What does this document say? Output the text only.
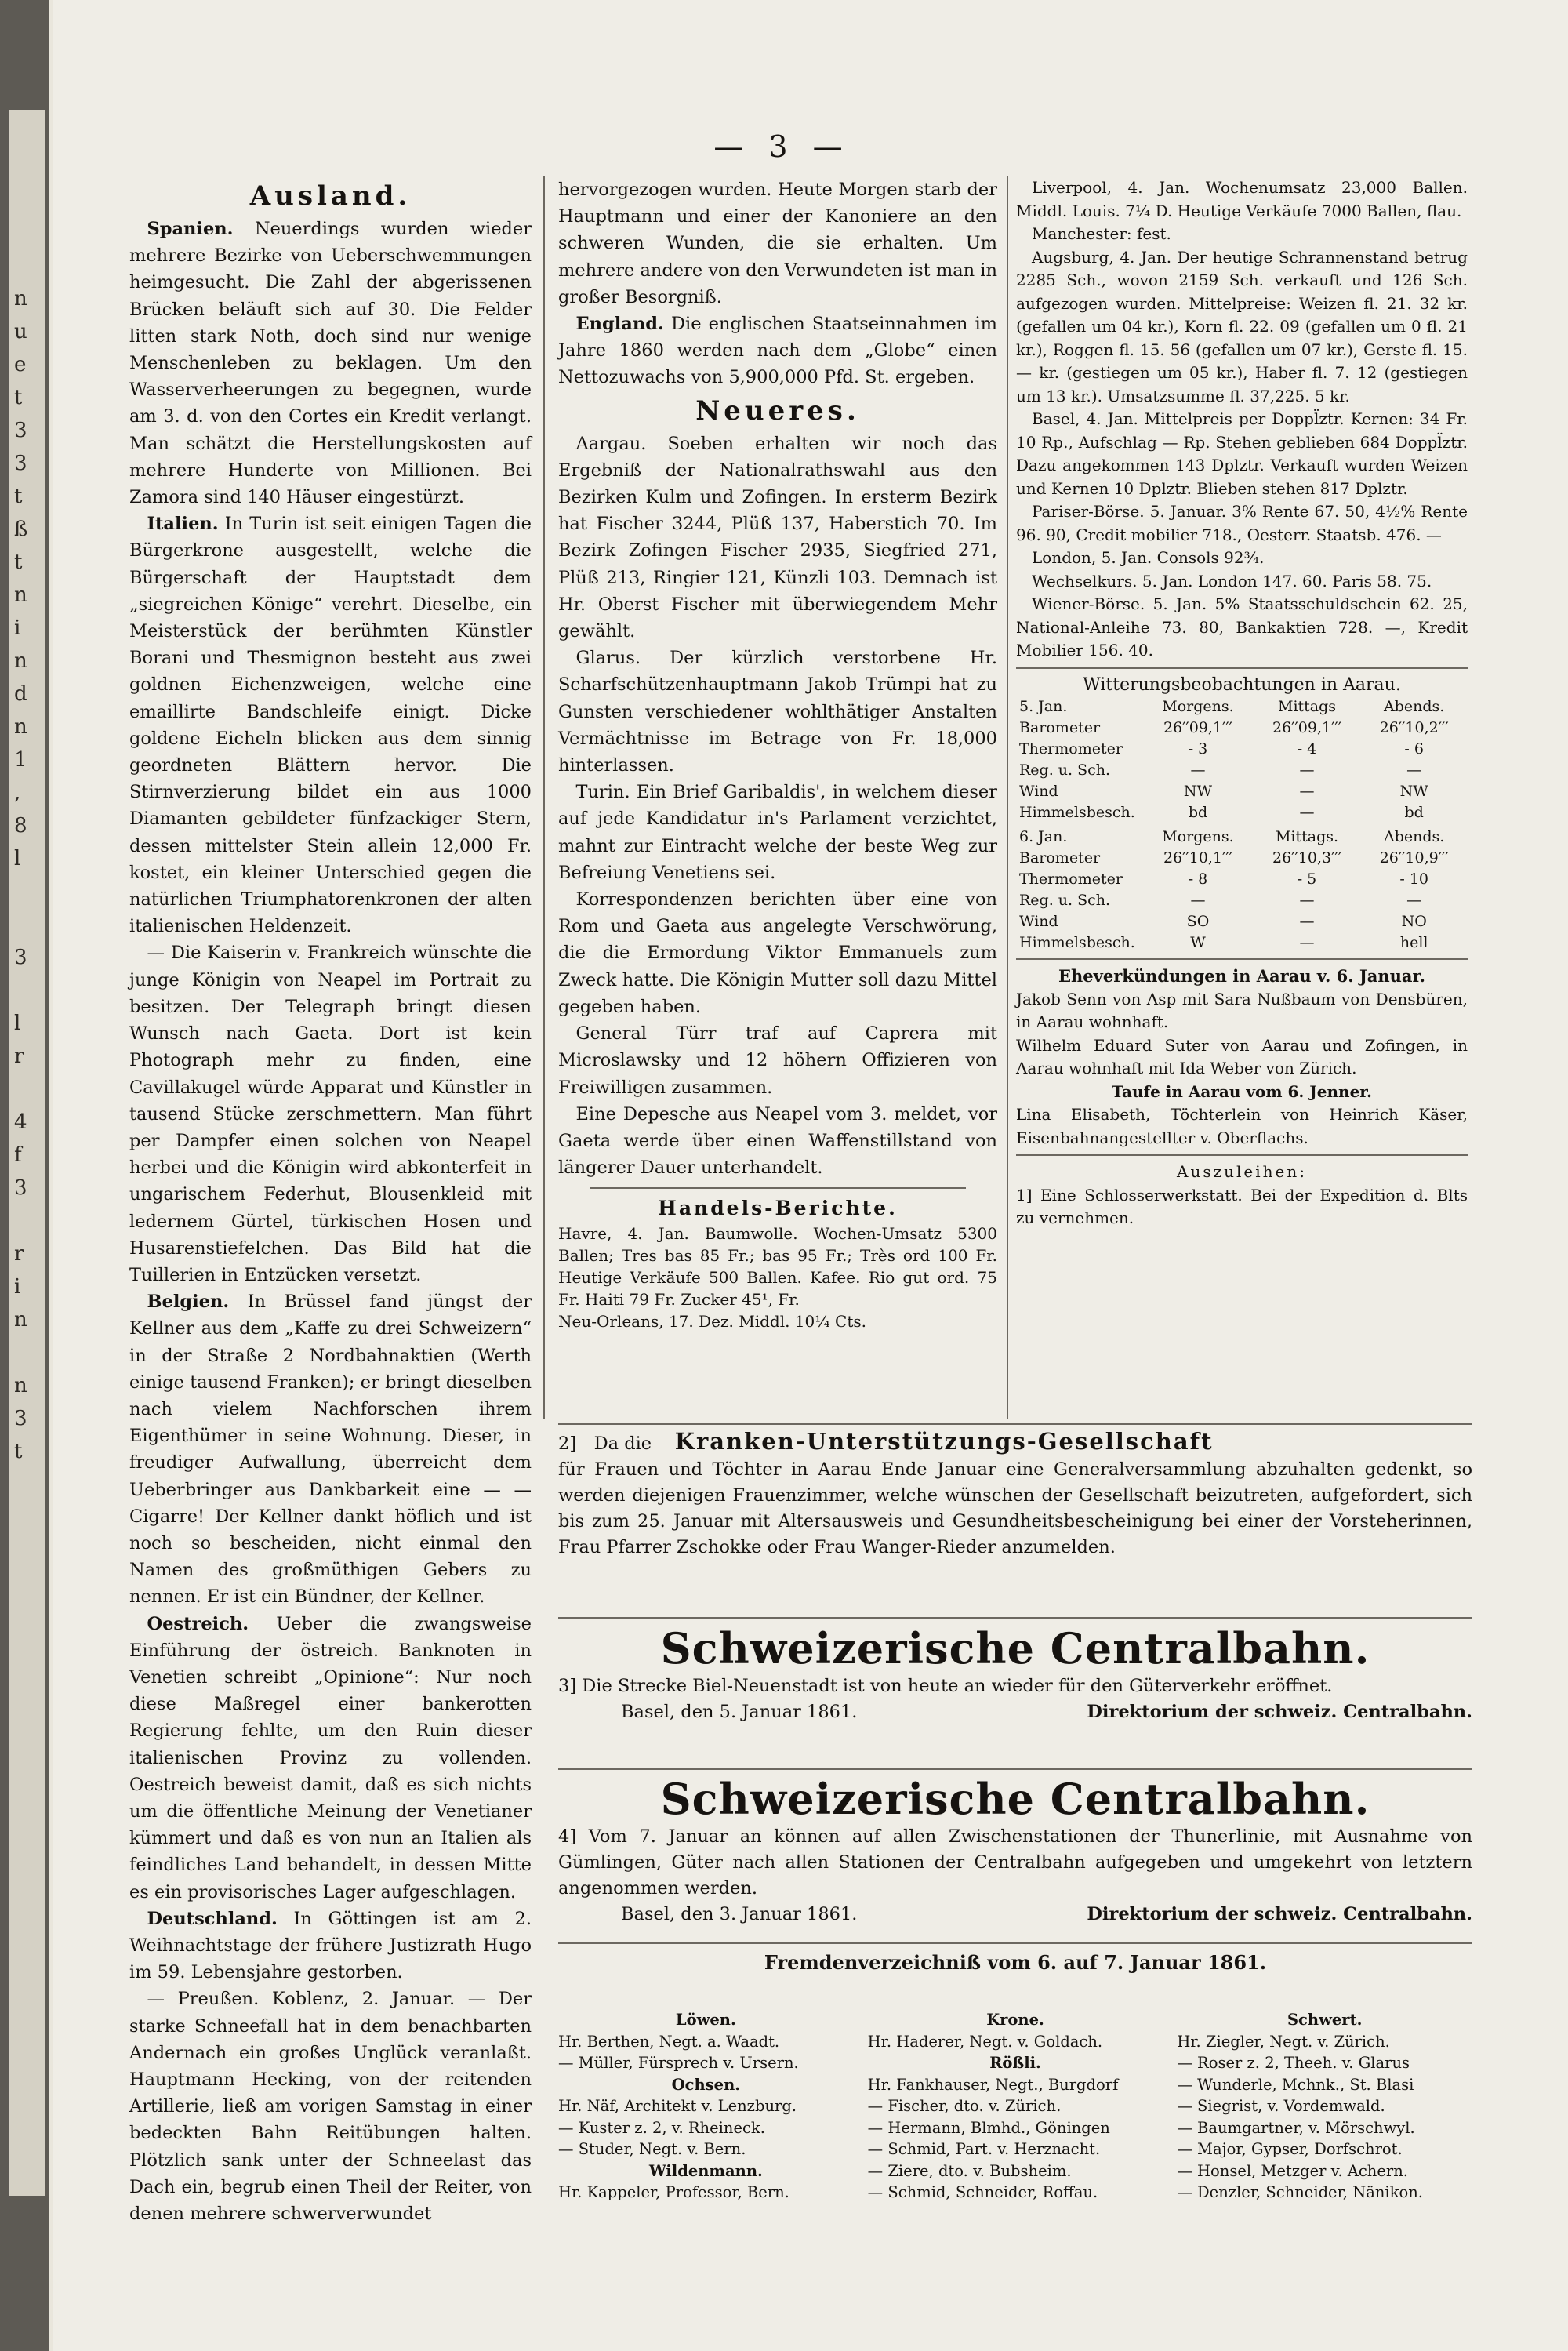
n
u
e
t
3
3
t
ß
t
n
i
n
d
n
1
,
8
l

3

l
r

4
f
3

r
i
n

n
3
t
— 3 —

Ausland.

 Spanien. Neuerdings wurden wieder mehrere Bezirke von Ueberschwemmungen heimgesucht. Die Zahl der abgerissenen Brücken beläuft sich auf 30. Die Felder litten stark Noth, doch sind nur wenige Menschenleben zu beklagen. Um den Wasserverheerungen zu begegnen, wurde am 3. d. von den Cortes ein Kredit verlangt. Man schätzt die Herstellungskosten auf mehrere Hunderte von Millionen. Bei Zamora sind 140 Häuser eingestürzt.

 Italien. In Turin ist seit einigen Tagen die Bürgerkrone ausgestellt, welche die Bürgerschaft der Hauptstadt dem „siegreichen Könige“ verehrt. Dieselbe, ein Meisterstück der berühmten Künstler Borani und Thesmignon besteht aus zwei goldnen Eichenzweigen, welche eine emaillirte Bandschleife einigt. Dicke goldene Eicheln blicken aus dem sinnig geordneten Blättern hervor. Die Stirnverzierung bildet ein aus 1000 Diamanten gebildeter fünfzackiger Stern, dessen mittelster Stein allein 12,000 Fr. kostet, ein kleiner Unterschied gegen die natürlichen Triumphatorenkronen der alten italienischen Heldenzeit.

 — Die Kaiserin v. Frankreich wünschte die junge Königin von Neapel im Portrait zu besitzen. Der Telegraph bringt diesen Wunsch nach Gaeta. Dort ist kein Photograph mehr zu finden, eine Cavillakugel würde Apparat und Künstler in tausend Stücke zerschmettern. Man führt per Dampfer einen solchen von Neapel herbei und die Königin wird abkonterfeit in ungarischem Federhut, Blousenkleid mit ledernem Gürtel, türkischen Hosen und Husarenstiefelchen. Das Bild hat die Tuillerien in Entzücken versetzt.

 Belgien. In Brüssel fand jüngst der Kellner aus dem „Kaffe zu drei Schweizern“ in der Straße 2 Nordbahnaktien (Werth einige tausend Franken); er bringt dieselben nach vielem Nachforschen ihrem Eigenthümer in seine Wohnung. Dieser, in freudiger Aufwallung, überreicht dem Ueberbringer aus Dankbarkeit eine — — Cigarre! Der Kellner dankt höflich und ist noch so bescheiden, nicht einmal den Namen des großmüthigen Gebers zu nennen. Er ist ein Bündner, der Kellner.

 Oestreich. Ueber die zwangsweise Einführung der östreich. Banknoten in Venetien schreibt „Opinione“: Nur noch diese Maßregel einer bankerotten Regierung fehlte, um den Ruin dieser italienischen Provinz zu vollenden. Oestreich beweist damit, daß es sich nichts um die öffentliche Meinung der Venetianer kümmert und daß es von nun an Italien als feindliches Land behandelt, in dessen Mitte es ein provisorisches Lager aufgeschlagen.

 Deutschland. In Göttingen ist am 2. Weihnachtstage der frühere Justizrath Hugo im 59. Lebensjahre gestorben.

 — Preußen. Koblenz, 2. Januar. — Der starke Schneefall hat in dem benachbarten Andernach ein großes Unglück veranlaßt. Hauptmann Hecking, von der reitenden Artillerie, ließ am vorigen Samstag in einer bedeckten Bahn Reitübungen halten. Plötzlich sank unter der Schneelast das Dach ein, begrub einen Theil der Reiter, von denen mehrere schwerverwundet

hervorgezogen wurden. Heute Morgen starb der Hauptmann und einer der Kanoniere an den schweren Wunden, die sie erhalten. Um mehrere andere von den Verwundeten ist man in großer Besorgniß.

 England. Die englischen Staatseinnahmen im Jahre 1860 werden nach dem „Globe“ einen Nettozuwachs von 5,900,000 Pfd. St. ergeben.

Neueres.

 Aargau. Soeben erhalten wir noch das Ergebniß der Nationalrathswahl aus den Bezirken Kulm und Zofingen. In ersterm Bezirk hat Fischer 3244, Plüß 137, Haberstich 70. Im Bezirk Zofingen Fischer 2935, Siegfried 271, Plüß 213, Ringier 121, Künzli 103. Demnach ist Hr. Oberst Fischer mit überwiegendem Mehr gewählt.

 Glarus. Der kürzlich verstorbene Hr. Scharfschützenhauptmann Jakob Trümpi hat zu Gunsten verschiedener wohlthätiger Anstalten Vermächtnisse im Betrage von Fr. 18,000 hinterlassen.

 Turin. Ein Brief Garibaldis', in welchem dieser auf jede Kandidatur in's Parlament verzichtet, mahnt zur Eintracht welche der beste Weg zur Befreiung Venetiens sei.

 Korrespondenzen berichten über eine von Rom und Gaeta aus angelegte Verschwörung, die die Ermordung Viktor Emmanuels zum Zweck hatte. Die Königin Mutter soll dazu Mittel gegeben haben.

 General Türr traf auf Caprera mit Microslawsky und 12 höhern Offizieren von Freiwilligen zusammen.

 Eine Depesche aus Neapel vom 3. meldet, vor Gaeta werde über einen Waffenstillstand von längerer Dauer unterhandelt.

Handels-Berichte.

Havre, 4. Jan. Baumwolle. Wochen-Umsatz 5300 Ballen; Tres bas 85 Fr.; bas 95 Fr.; Très ord 100 Fr. Heutige Verkäufe 500 Ballen. Kafee. Rio gut ord. 75 Fr. Haiti 79 Fr. Zucker 45¹, Fr.

Neu-Orleans, 17. Dez. Middl. 10¼ Cts.

 Liverpool, 4. Jan. Wochenumsatz 23,000 Ballen. Middl. Louis. 7¼ D. Heutige Verkäufe 7000 Ballen, flau.

 Manchester: fest.

 Augsburg, 4. Jan. Der heutige Schrannenstand betrug 2285 Sch., wovon 2159 Sch. verkauft und 126 Sch. aufgezogen wurden. Mittelpreise: Weizen fl. 21. 32 kr. (gefallen um 04 kr.), Korn fl. 22. 09 (gefallen um 0 fl. 21 kr.), Roggen fl. 15. 56 (gefallen um 07 kr.), Gerste fl. 15. — kr. (gestiegen um 05 kr.), Haber fl. 7. 12 (gestiegen um 13 kr.). Umsatzsumme fl. 37,225. 5 kr.

 Basel, 4. Jan. Mittelpreis per Doppl̈ztr. Kernen: 34 Fr. 10 Rp., Aufschlag — Rp. Stehen geblieben 684 Doppl̈ztr. Dazu angekommen 143 Dplztr. Verkauft wurden Weizen und Kernen 10 Dplztr. Blieben stehen 817 Dplztr.

 Pariser-Börse. 5. Januar. 3% Rente 67. 50, 4½% Rente 96. 90, Credit mobilier 718., Oesterr. Staatsb. 476. —

 London, 5. Jan. Consols 92¾.

 Wechselkurs. 5. Jan. London 147. 60. Paris 58. 75.

 Wiener-Börse. 5. Jan. 5% Staatsschuldschein 62. 25, National-Anleihe 73. 80, Bankaktien 728. —, Kredit Mobilier 156. 40.

Witterungsbeobachtungen in Aarau.

5. Jan.	Morgens.	Mittags	Abends.
Barometer	26′′09,1′′′	26′′09,1′′′	26′′10,2′′′
Thermometer	- 3	- 4	- 6
Reg. u. Sch.	—	—	—
Wind	NW	—	NW
Himmelsbesch.	bd	—	bd
6. Jan.	Morgens.	Mittags.	Abends.
Barometer	26′′10,1′′′	26′′10,3′′′	26′′10,9′′′
Thermometer	- 8	- 5	- 10
Reg. u. Sch.	—	—	—
Wind	SO	—	NO
Himmelsbesch.	W	—	hell

Eheverkündungen in Aarau v. 6. Januar.

Jakob Senn von Asp mit Sara Nußbaum von Densbüren, in Aarau wohnhaft.

Wilhelm Eduard Suter von Aarau und Zofingen, in Aarau wohnhaft mit Ida Weber von Zürich.

Taufe in Aarau vom 6. Jenner.

Lina Elisabeth, Töchterlein von Heinrich Käser, Eisenbahnangestellter v. Oberflachs.

Auszuleihen:

1] Eine Schlosserwerkstatt. Bei der Expedition d. Blts zu vernehmen.

2]  Da die  Kranken-Unterstützungs-Gesellschaft
für Frauen und Töchter in Aarau Ende Januar eine Generalversammlung abzuhalten gedenkt, so werden diejenigen Frauenzimmer, welche wünschen der Gesellschaft beizutreten, aufgefordert, sich bis zum 25. Januar mit Altersausweis und Gesundheitsbescheinigung bei einer der Vorsteherinnen, Frau Pfarrer Zschokke oder Frau Wanger-Rieder anzumelden.
Schweizerische Centralbahn.
3] Die Strecke Biel-Neuenstadt ist von heute an wieder für den Güterverkehr eröffnet.
Basel, den 5. Januar 1861.	Direktorium der schweiz. Centralbahn.
Schweizerische Centralbahn.
4] Vom 7. Januar an können auf allen Zwischenstationen der Thunerlinie, mit Ausnahme von Gümlingen, Güter nach allen Stationen der Centralbahn aufgegeben und umgekehrt von letztern angenommen werden.
Basel, den 3. Januar 1861.	Direktorium der schweiz. Centralbahn.
Fremdenverzeichniß vom 6. auf 7. Januar 1861.
Löwen.
Hr. Berthen, Negt. a. Waadt.
— Müller, Fürsprech v. Ursern.
Ochsen.
Hr. Näf, Architekt v. Lenzburg.
— Kuster z. 2, v. Rheineck.
— Studer, Negt. v. Bern.
Wildenmann.
Hr. Kappeler, Professor, Bern.
Krone.
Hr. Haderer, Negt. v. Goldach.
Rößli.
Hr. Fankhauser, Negt., Burgdorf
— Fischer, dto. v. Zürich.
— Hermann, Blmhd., Göningen
— Schmid, Part. v. Herznacht.
— Ziere, dto. v. Bubsheim.
— Schmid, Schneider, Roffau.
Schwert.
Hr. Ziegler, Negt. v. Zürich.
— Roser z. 2, Theeh. v. Glarus
— Wunderle, Mchnk., St. Blasi
— Siegrist, v. Vordemwald.
— Baumgartner, v. Mörschwyl.
— Major, Gypser, Dorfschrot.
— Honsel, Metzger v. Achern.
— Denzler, Schneider, Nänikon.
